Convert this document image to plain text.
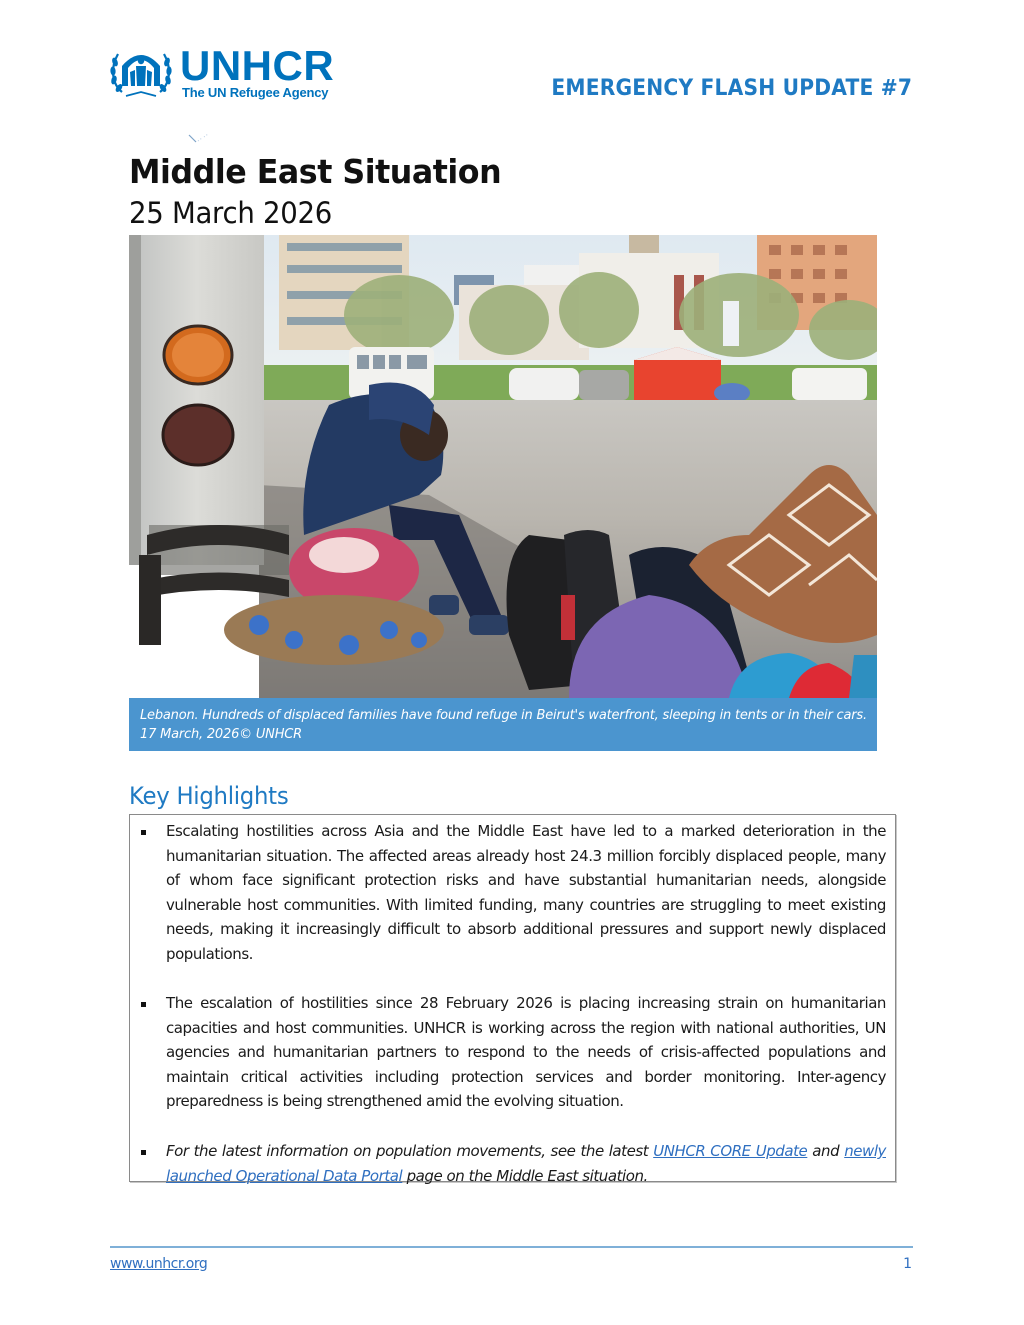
UNHCR
The UN Refugee Agency	EMERGENCY FLASH UPDATE #7
Middle East Situation
25 March 2026
Lebanon. Hundreds of displaced families have found refuge in Beirut's waterfront, sleeping in tents or in their cars. 17 March, 2026© UNHCR
Key Highlights
Escalating hostilities across Asia and the Middle East have led to a marked deterioration in the humanitarian situation. The affected areas already host 24.3 million forcibly displaced people, many of whom face significant protection risks and have substantial humanitarian needs, alongside vulnerable host communities. With limited funding, many countries are struggling to meet existing needs, making it increasingly difficult to absorb additional pressures and support newly displaced populations.
The escalation of hostilities since 28 February 2026 is placing increasing strain on humanitarian capacities and host communities. UNHCR is working across the region with national authorities, UN agencies and humanitarian partners to respond to the needs of crisis-affected populations and maintain critical activities including protection services and border monitoring. Inter-agency preparedness is being strengthened amid the evolving situation.
For the latest information on population movements, see the latest UNHCR CORE Update and newly launched Operational Data Portal page on the Middle East situation.
www.unhcr.org	1
